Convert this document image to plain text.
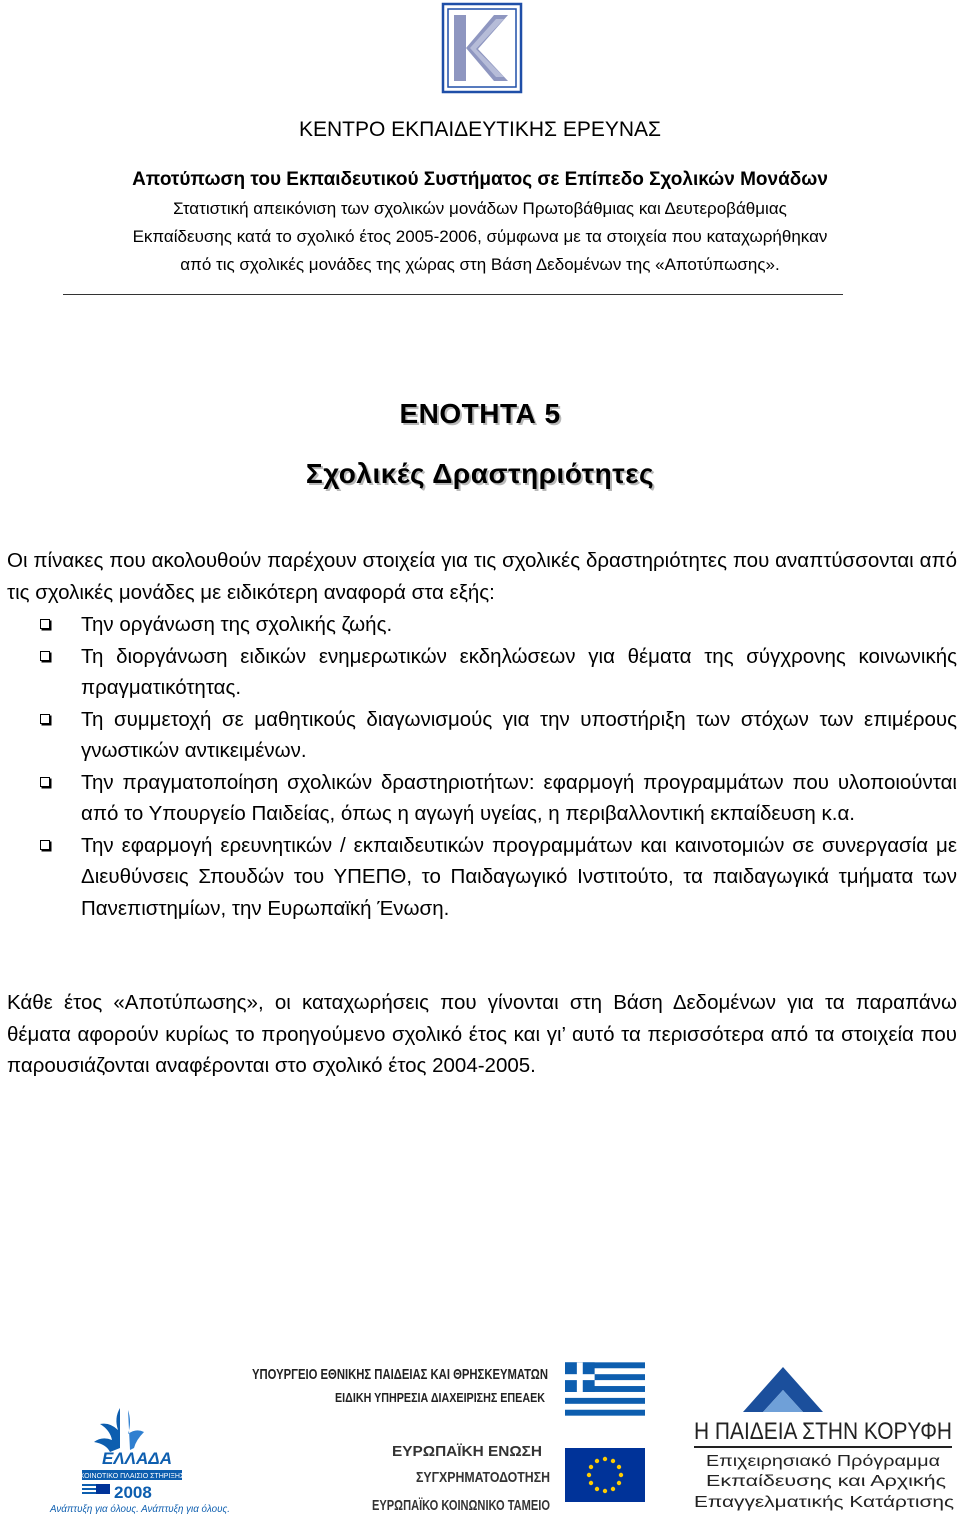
ΚΕΝΤΡΟ ΕΚΠΑΙΔΕΥΤΙΚΗΣ ΕΡΕΥΝΑΣ
Αποτύπωση του Εκπαιδευτικού Συστήματος σε Επίπεδο Σχολικών Μονάδων
Στατιστική απεικόνιση των σχολικών μονάδων Πρωτοβάθμιας και Δευτεροβάθμιας
Εκπαίδευσης κατά το σχολικό έτος 2005-2006, σύμφωνα με τα στοιχεία που καταχωρήθηκαν
από τις σχολικές μονάδες της χώρας στη Βάση Δεδομένων της «Αποτύπωσης».
ΕΝΟΤΗΤΑ 5
Σχολικές Δραστηριότητες
Οι πίνακες που ακολουθούν παρέχουν στοιχεία για τις σχολικές δραστηριότητες που αναπτύσσονται από τις σχολικές μονάδες με ειδικότερη αναφορά στα εξής:
Την οργάνωση της σχολικής ζωής.
Τη διοργάνωση ειδικών ενημερωτικών εκδηλώσεων για θέματα της σύγχρονης κοινωνικής πραγματικότητας.
Τη συμμετοχή σε μαθητικούς διαγωνισμούς για την υποστήριξη των στόχων των επιμέρους γνωστικών αντικειμένων.
Την πραγματοποίηση σχολικών δραστηριοτήτων: εφαρμογή προγραμμάτων που υλοποιούνται από το Υπουργείο Παιδείας, όπως η αγωγή υγείας, η περιβαλλοντική εκπαίδευση κ.α.
Την εφαρμογή ερευνητικών / εκπαιδευτικών προγραμμάτων και καινοτομιών σε συνεργασία με Διευθύνσεις Σπουδών του ΥΠΕΠΘ, το Παιδαγωγικό Ινστιτούτο, τα παιδαγωγικά τμήματα των Πανεπιστημίων, την Ευρωπαϊκή Ένωση.
Κάθε έτος «Αποτύπωσης», οι καταχωρήσεις που γίνονται στη Βάση Δεδομένων για τα παραπάνω θέματα αφορούν κυρίως το προηγούμενο σχολικό έτος και γι’ αυτό τα περισσότερα από τα στοιχεία που παρουσιάζονται αναφέρονται στο σχολικό έτος 2004-2005.
ΥΠΟΥΡΓΕΙΟ ΕΘΝΙΚΗΣ ΠΑΙΔΕΙΑΣ ΚΑΙ ΘΡΗΣΚΕΥΜΑΤΩΝ
ΕΙΔΙΚΗ ΥΠΗΡΕΣΙΑ ΔΙΑΧΕΙΡΙΣΗΣ ΕΠΕΑΕΚ
ΕΥΡΩΠΑΪΚΗ ΕΝΩΣΗ
ΣΥΓΧΡΗΜΑΤΟΔΟΤΗΣΗ
ΕΥΡΩΠΑΪΚΟ ΚΟΙΝΩΝΙΚΟ ΤΑΜΕΙΟ
ΕΛΛΑΔΑ
ΚΟΙΝΟΤΙΚΟ ΠΛΑΙΣΙΟ ΣΤΗΡΙΞΗΣ
2008
Ανάπτυξη για όλους. Ανάπτυξη για όλους.
Η ΠΑΙΔΕΙΑ ΣΤΗΝ ΚΟΡΥΦΗ
Επιχειρησιακό Πρόγραμμα
Εκπαίδευσης και Αρχικής
Επαγγελματικής Κατάρτισης
